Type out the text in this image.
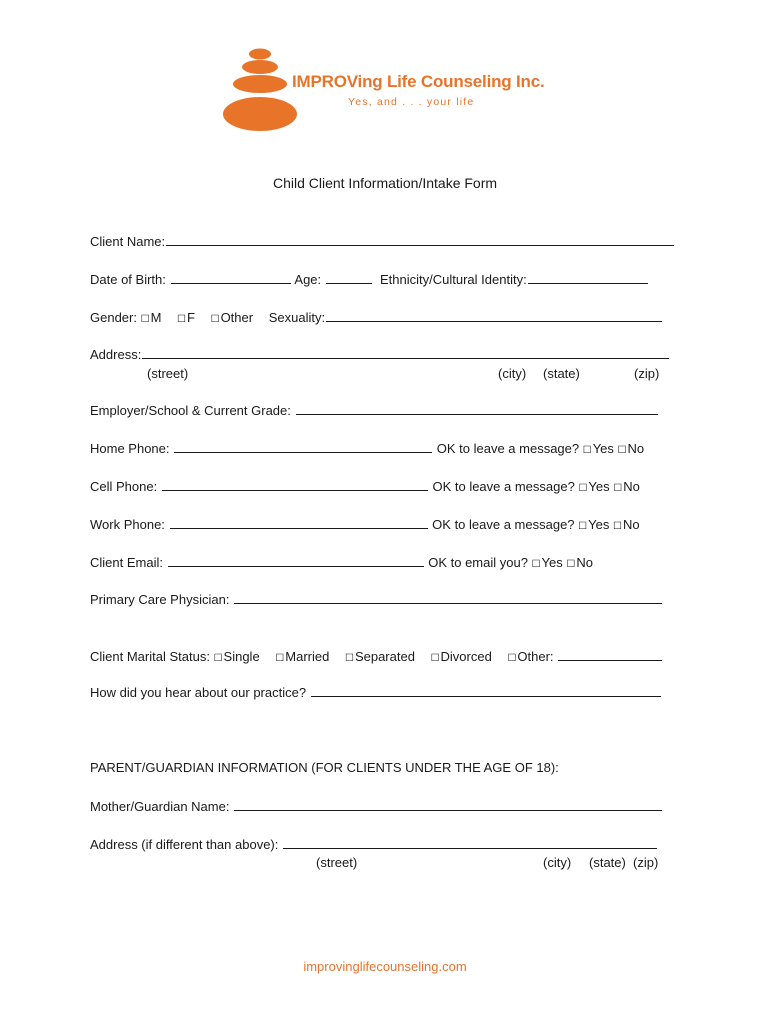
IMPROVing Life Counseling Inc.
Yes, and . . . your life
Child Client Information/Intake Form
Client Name:
Date of Birth:	Age:	Ethnicity/Cultural Identity:
Gender: ☐M ☐F ☐Other Sexuality:
Address:
(street)	(city) (state)	(zip)
Employer/School & Current Grade:
Home Phone:	OK to leave a message? ☐Yes ☐No
Cell Phone:	OK to leave a message? ☐Yes ☐No
Work Phone:	OK to leave a message? ☐Yes ☐No
Client Email:	OK to email you? ☐Yes ☐No
Primary Care Physician:
Client Marital Status: ☐Single ☐Married ☐Separated ☐Divorced ☐Other:
How did you hear about our practice?
PARENT/GUARDIAN INFORMATION (FOR CLIENTS UNDER THE AGE OF 18):
Mother/Guardian Name:
Address (if different than above):
(street)	(city) (state) (zip)
improvinglifecounseling.com
